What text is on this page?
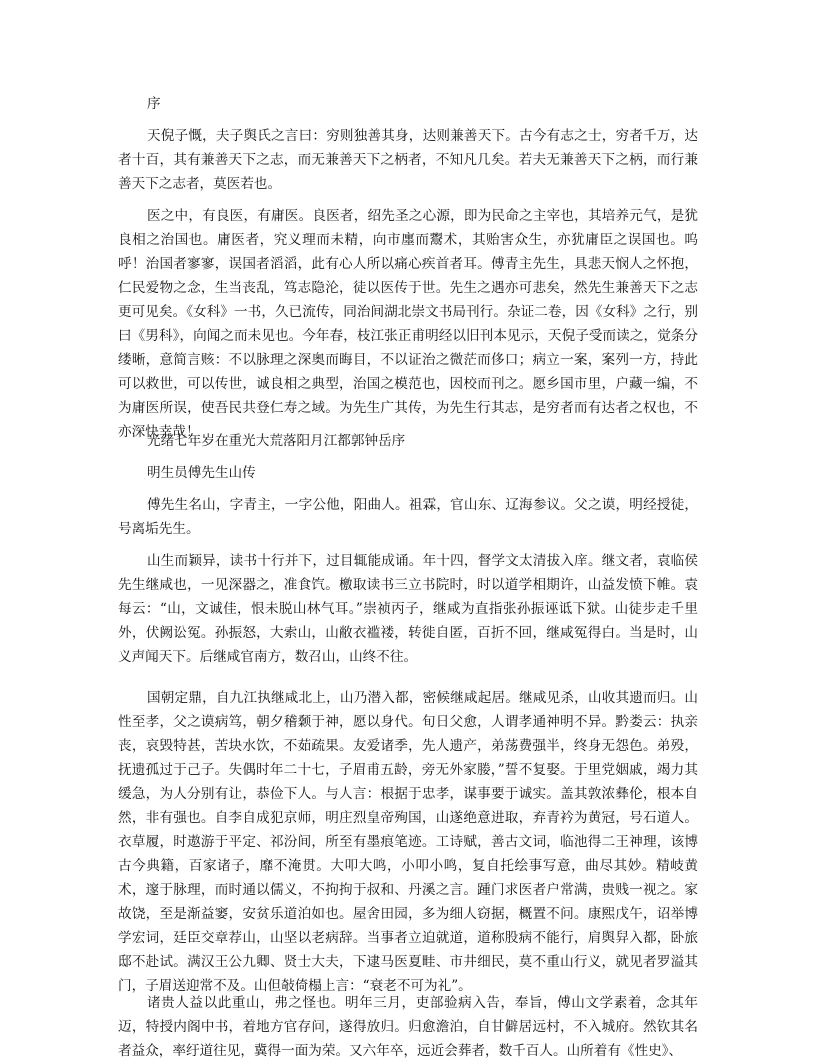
序

天倪子慨，夫子舆氏之言曰：穷则独善其身，达则兼善天下。古今有志之士，穷者千万，达者十百，其有兼善天下之志，而无兼善天下之柄者，不知凡几矣。若夫无兼善天下之柄，而行兼善天下之志者，莫医若也。

医之中，有良医，有庸医。良医者，绍先圣之心源，即为民命之主宰也，其培养元气，是犹良相之治国也。庸医者，究义理而未精，向市廛而鬻术，其贻害众生，亦犹庸臣之误国也。呜呼！治国者寥寥，误国者滔滔，此有心人所以痛心疾首者耳。傅青主先生，具悲天悯人之怀抱，仁民爱物之念，生当丧乱，笃志隐沦，徒以医传于世。先生之遇亦可悲矣，然先生兼善天下之志更可见矣。《女科》一书，久已流传，同治间湖北崇文书局刊行。杂证二卷，因《女科》之行，别曰《男科》，向闻之而未见也。今年春，枝江张正甫明经以旧刊本见示，天倪子受而读之，觉条分缕晰，意简言赅：不以脉理之深奥而晦目，不以证治之微茫而侈口；病立一案，案列一方，持此可以救世，可以传世，诚良相之典型，治国之模范也，因校而刊之。愿乡国市里，户藏一编，不为庸医所误，使吾民共登仁寿之域。为先生广其传，为先生行其志，是穷者而有达者之权也，不亦深快幸哉！

光绪七年岁在重光大荒落阳月江都郭钟岳序

明生员傅先生山传

傅先生名山，字青主，一字公他，阳曲人。祖霖，官山东、辽海参议。父之谟，明经授徒，号离垢先生。

山生而颖异，读书十行并下，过目辄能成诵。年十四，督学文太清拔入庠。继文者，袁临侯先生继咸也，一见深器之，准食饩。檄取读书三立书院时，时以道学相期许，山益发愤下帷。袁每云：“山，文诚佳，恨未脱山林气耳。”崇祯丙子，继咸为直指张孙振诬诋下狱。山徒步走千里外，伏阙讼冤。孙振怒，大索山，山敝衣褴褛，转徙自匿，百折不回，继咸冤得白。当是时，山义声闻天下。后继咸官南方，数召山，山终不往。

国朝定鼎，自九江执继咸北上，山乃潜入都，密候继咸起居。继咸见杀，山收其遗而归。山性至孝，父之谟病笃，朝夕稽颡于神，愿以身代。旬日父愈，人谓孝通神明不异。黔娄云：执亲丧，哀毁特甚，苦块水饮，不茹疏果。友爱诸季，先人遗产，弟荡费强半，终身无怨色。弟殁，抚遗孤过于己子。失偶时年二十七，子眉甫五龄，旁无外家媵，”誓不复娶。于里党姻戚，竭力其缓急，为人分别有让，恭俭下人。与人言：根据于忠孝，谋事要于诚实。盖其敦浓彝伦，根本自然，非有强也。自李自成犯京师，明庄烈皇帝殉国，山遂绝意进取，弃青衿为黄冠，号石道人。衣草履，时遨游于平定、祁汾间，所至有墨痕笔迹。工诗赋，善古文词，临池得二王神理，该博古今典籍，百家诸子，靡不淹贯。大叩大鸣，小叩小鸣，复自托绘事写意，曲尽其妙。精岐黄术，邃于脉理，而时通以儒义，不拘拘于叔和、丹溪之言。踵门求医者户常满，贵贱一视之。家故饶，至是渐益窭，安贫乐道泊如也。屋舍田园，多为细人窃据，概置不问。康熙戊午，诏举博学宏词，廷臣交章荐山，山坚以老病辞。当事者立迫就道，道称股病不能行，肩舆舁入都，卧旅邸不赴试。满汉王公九卿、贤士大夫，下逮马医夏畦、市井细民，莫不重山行义，就见者罗溢其门，子眉送迎常不及。山但敧倚榻上言：“衰老不可为礼”。

诸贵人益以此重山，弗之怪也。明年三月，吏部验病入告，奉旨，傅山文学素着，念其年迈，特授内阁中书，着地方官存问，遂得放归。归愈澹泊，自甘僻居远村，不入城府。然钦其名者益众，率纡道往见，冀得一面为荣。又六年卒，远近会葬者，数千百人。山所着有《性史》、
